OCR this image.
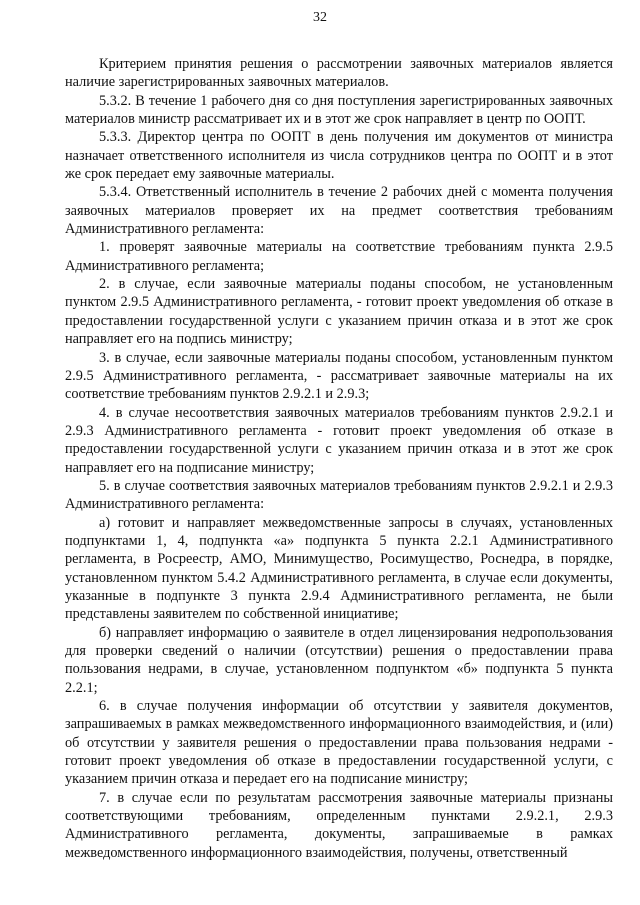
32

Критерием принятия решения о рассмотрении заявочных материалов является наличие зарегистрированных заявочных материалов.

5.3.2. В течение 1 рабочего дня со дня поступления зарегистрированных заявочных материалов министр рассматривает их и в этот же срок направляет в центр по ООПТ.

5.3.3. Директор центра по ООПТ в день получения им документов от министра назначает ответственного исполнителя из числа сотрудников центра по ООПТ и в этот же срок передает ему заявочные материалы.

5.3.4. Ответственный исполнитель в течение 2 рабочих дней с момента получения заявочных материалов проверяет их на предмет соответствия требованиям Административного регламента:

1. проверят заявочные материалы на соответствие требованиям пункта 2.9.5 Административного регламента;

2. в случае, если заявочные материалы поданы способом, не установленным пунктом 2.9.5 Административного регламента, - готовит проект уведомления об отказе в предоставлении государственной услуги с указанием причин отказа и в этот же срок направляет его на подпись министру;

3. в случае, если заявочные материалы поданы способом, установленным пунктом 2.9.5 Административного регламента, - рассматривает заявочные материалы на их соответствие требованиям пунктов 2.9.2.1 и 2.9.3;

4. в случае несоответствия заявочных материалов требованиям пунктов 2.9.2.1 и 2.9.3 Административного регламента - готовит проект уведомления об отказе в предоставлении государственной услуги с указанием причин отказа и в этот же срок направляет его на подписание министру;

5. в случае соответствия заявочных материалов требованиям пунктов 2.9.2.1 и 2.9.3 Административного регламента:

а) готовит и направляет межведомственные запросы в случаях, установленных подпунктами 1, 4, подпункта «а» подпункта 5 пункта 2.2.1 Административного регламента, в Росреестр, АМО, Минимущество, Росимущество, Роснедра, в порядке, установленном пунктом 5.4.2 Административного регламента, в случае если документы, указанные в подпункте 3 пункта 2.9.4 Административного регламента, не были представлены заявителем по собственной инициативе;

б) направляет информацию о заявителе в отдел лицензирования недропользования для проверки сведений о наличии (отсутствии) решения о предоставлении права пользования недрами, в случае, установленном подпунктом «б» подпункта 5 пункта 2.2.1;

6. в случае получения информации об отсутствии у заявителя документов, запрашиваемых в рамках межведомственного информационного взаимодействия, и (или) об отсутствии у заявителя решения о предоставлении права пользования недрами - готовит проект уведомления об отказе в предоставлении государственной услуги, с указанием причин отказа и передает его на подписание министру;

7. в случае если по результатам рассмотрения заявочные материалы признаны соответствующими требованиям, определенным пунктами 2.9.2.1, 2.9.3 Административного регламента, документы, запрашиваемые в рамках межведомственного информационного взаимодействия, получены, ответственный
